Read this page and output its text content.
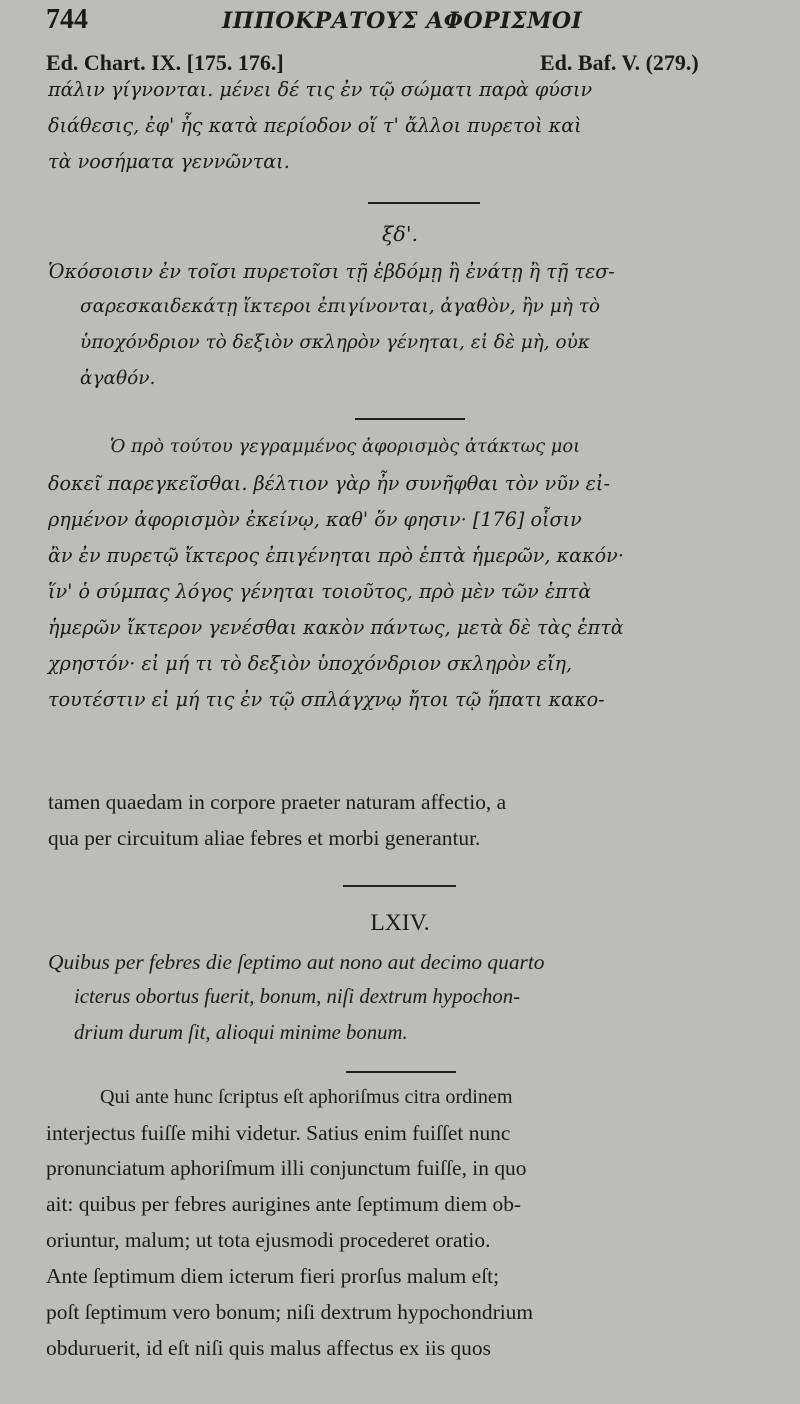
744	ΙΠΠΟΚΡΑΤΟΥΣ ΑΦΟΡΙΣΜΟΙ
Ed. Chart. IX. [175. 176.]	Ed. Baf. V. (279.)
πάλιν γίγνονται. μένει δέ τις ἐν τῷ σώματι παρὰ φύσιν
διάθεσις, ἐφ' ἧς κατὰ περίοδον οἵ τ' ἄλλοι πυρετοὶ καὶ
τὰ νοσήματα γεννῶνται.
ξδ'.
Ὁκόσοισιν ἐν τοῖσι πυρετοῖσι τῇ ἑβδόμῃ ἢ ἐνάτῃ ἢ τῇ τεσ-
σαρεσκαιδεκάτῃ ἴκτεροι ἐπιγίνονται, ἀγαθὸν, ἢν μὴ τὸ
ὑποχόνδριον τὸ δεξιὸν σκληρὸν γένηται, εἰ δὲ μὴ, οὐκ
ἀγαθόν.
Ὁ πρὸ τούτου γεγραμμένος ἀφορισμὸς ἀτάκτως μοι
δοκεῖ παρεγκεῖσθαι. βέλτιον γὰρ ἦν συνῆφθαι τὸν νῦν εἰ-
ρημένον ἀφορισμὸν ἐκείνῳ, καθ' ὅν φησιν· [176] οἷσιν
ἂν ἐν πυρετῷ ἴκτερος ἐπιγένηται πρὸ ἑπτὰ ἡμερῶν, κακόν·
ἵν' ὁ σύμπας λόγος γένηται τοιοῦτος, πρὸ μὲν τῶν ἑπτὰ
ἡμερῶν ἴκτερον γενέσθαι κακὸν πάντως, μετὰ δὲ τὰς ἑπτὰ
χρηστόν· εἰ μή τι τὸ δεξιὸν ὑποχόνδριον σκληρὸν εἴη,
τουτέστιν εἰ μή τις ἐν τῷ σπλάγχνῳ ἤτοι τῷ ἥπατι κακο-
tamen quaedam in corpore praeter naturam affectio, a
qua per circuitum aliae febres et morbi generantur.
LXIV.
Quibus per febres die ſeptimo aut nono aut decimo quarto
icterus obortus fuerit, bonum, niſi dextrum hypochon-
drium durum ſit, alioqui minime bonum.
Qui ante hunc ſcriptus eſt aphoriſmus citra ordinem
interjectus fuiſſe mihi videtur. Satius enim fuiſſet nunc
pronunciatum aphoriſmum illi conjunctum fuiſſe, in quo
ait: quibus per febres aurigines ante ſeptimum diem ob-
oriuntur, malum; ut tota ejusmodi procederet oratio.
Ante ſeptimum diem icterum fieri prorſus malum eſt;
poſt ſeptimum vero bonum; niſi dextrum hypochondrium
obduruerit, id eſt niſi quis malus affectus ex iis quos
